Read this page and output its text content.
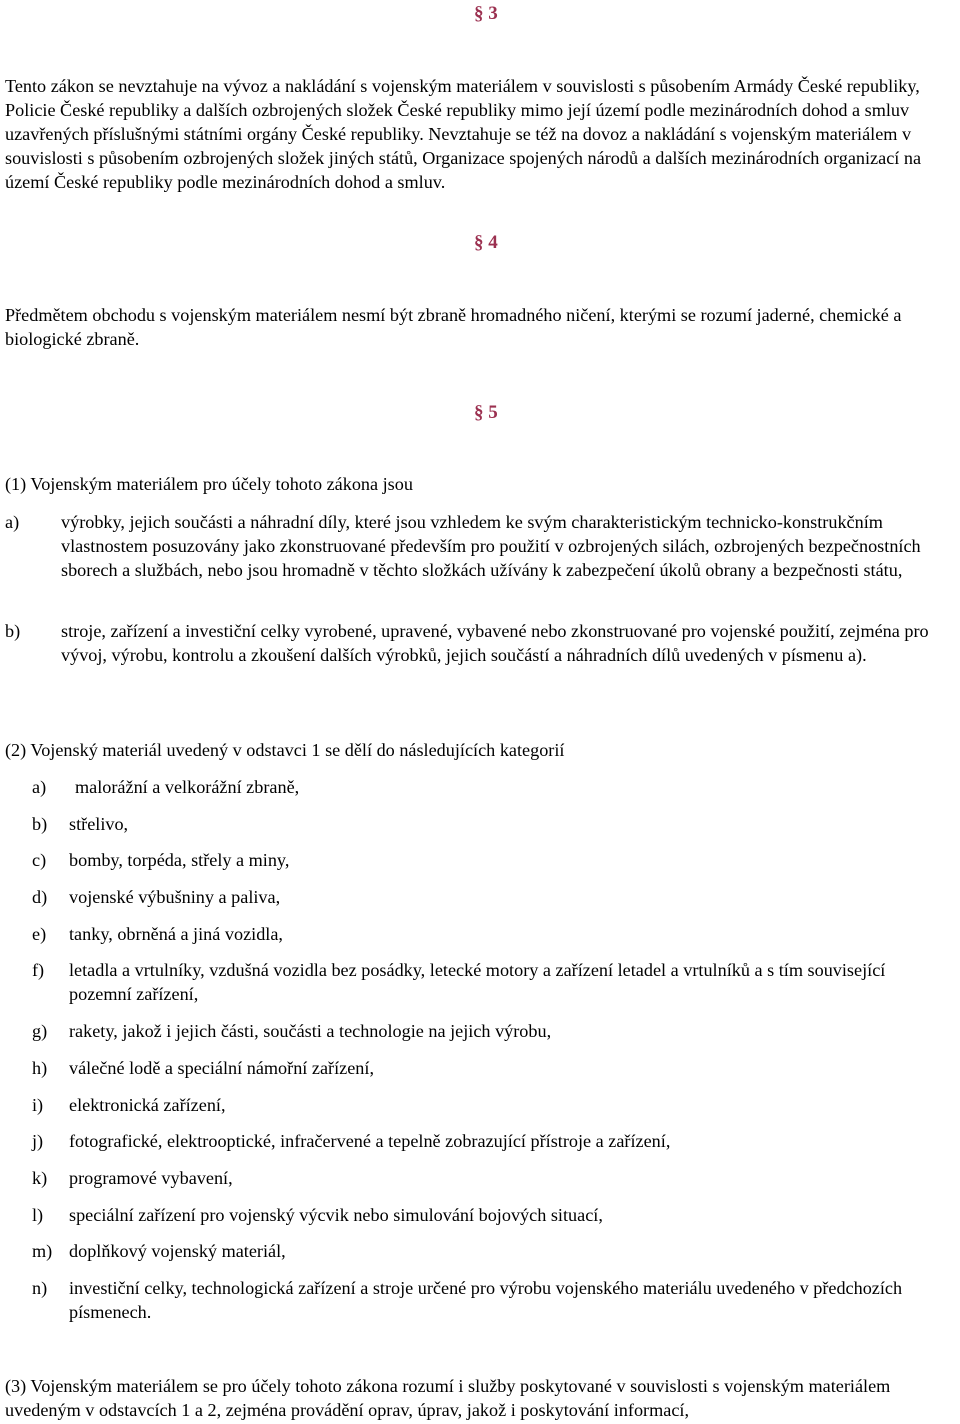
§ 3

Tento zákon se nevztahuje na vývoz a nakládání s vojenským materiálem v souvislosti s působením Armády České republiky, Policie České republiky a dalších ozbrojených složek České republiky mimo její území podle mezinárodních dohod a smluv uzavřených příslušnými státními orgány České republiky. Nevztahuje se též na dovoz a nakládání s vojenským materiálem v souvislosti s působením ozbrojených složek jiných států, Organizace spojených národů a dalších mezinárodních organizací na území České republiky podle mezinárodních dohod a smluv.

§ 4

Předmětem obchodu s vojenským materiálem nesmí být zbraně hromadného ničení, kterými se rozumí jaderné, chemické a biologické zbraně.

§ 5

(1) Vojenským materiálem pro účely tohoto zákona jsou

a) výrobky, jejich součásti a náhradní díly, které jsou vzhledem ke svým charakteristickým technicko-konstrukčním vlastnostem posuzovány jako zkonstruované především pro použití v ozbrojených silách, ozbrojených bezpečnostních sborech a službách, nebo jsou hromadně v těchto složkách užívány k zabezpečení úkolů obrany a bezpečnosti státu,
b) stroje, zařízení a investiční celky vyrobené, upravené, vybavené nebo zkonstruované pro vojenské použití, zejména pro vývoj, výrobu, kontrolu a zkoušení dalších výrobků, jejich součástí a náhradních dílů uvedených v písmenu a).

(2) Vojenský materiál uvedený v odstavci 1 se dělí do následujících kategorií

a) malorážní a velkorážní zbraně,
b) střelivo,
c) bomby, torpéda, střely a miny,
d) vojenské výbušniny a paliva,
e) tanky, obrněná a jiná vozidla,
f) letadla a vrtulníky, vzdušná vozidla bez posádky, letecké motory a zařízení letadel a vrtulníků a s tím související pozemní zařízení,
g) rakety, jakož i jejich části, součásti a technologie na jejich výrobu,
h) válečné lodě a speciální námořní zařízení,
i) elektronická zařízení,
j) fotografické, elektrooptické, infračervené a tepelně zobrazující přístroje a zařízení,
k) programové vybavení,
l) speciální zařízení pro vojenský výcvik nebo simulování bojových situací,
m) doplňkový vojenský materiál,
n) investiční celky, technologická zařízení a stroje určené pro výrobu vojenského materiálu uvedeného v předchozích písmenech.

(3) Vojenským materiálem se pro účely tohoto zákona rozumí i služby poskytované v souvislosti s vojenským materiálem uvedeným v odstavcích 1 a 2, zejména provádění oprav, úprav, jakož i poskytování informací,
